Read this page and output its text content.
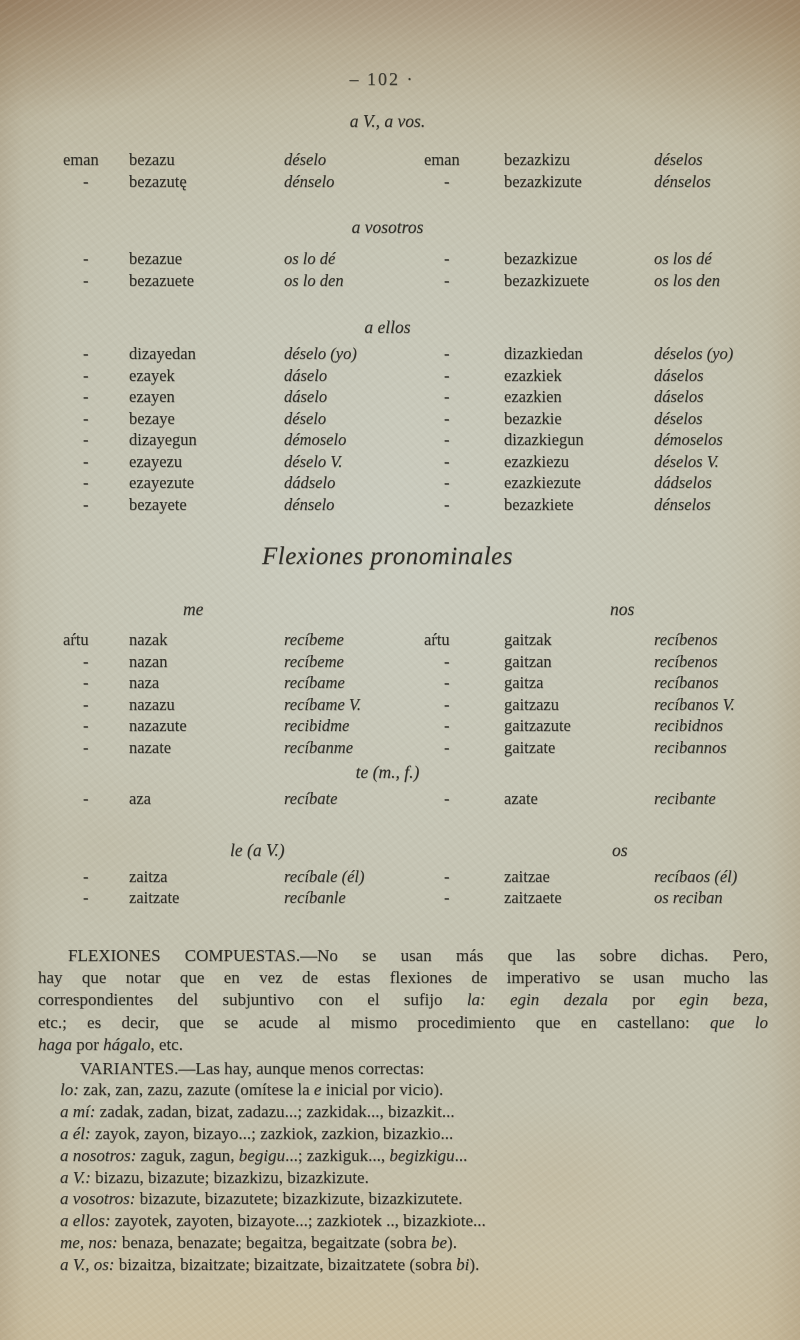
– 102 ·
a V., a vos.
eman	bezazu	déselo	eman	bezazkizu	déselos
-	bezazutę	dénselo	-	bezazkizute	dénselos
a vosotros
-	bezazue	os lo dé	-	bezazkizue	os los dé
-	bezazuete	os lo den	-	bezazkizuete	os los den
a ellos
-	dizayedan	déselo (yo)	-	dizazkiedan	déselos (yo)
-	ezayek	dáselo	-	ezazkiek	dáselos
-	ezayen	dáselo	-	ezazkien	dáselos
-	bezaye	déselo	-	bezazkie	déselos
-	dizayegun	démoselo	-	dizazkiegun	démoselos
-	ezayezu	déselo V.	-	ezazkiezu	déselos V.
-	ezayezute	dádselo	-	ezazkiezute	dádselos
-	bezayete	dénselo	-	bezazkiete	dénselos
Flexiones pronominales
me	nos
aŕtu	nazak	recíbeme	aŕtu	gaitzak	recíbenos
-	nazan	recíbeme	-	gaitzan	recíbenos
-	naza	recíbame	-	gaitza	recíbanos
-	nazazu	recíbame V.	-	gaitzazu	recíbanos V.
-	nazazute	recibidme	-	gaitzazute	recibidnos
-	nazate	recíbanme	-	gaitzate	recibannos
te (m., f.)
-	aza	recíbate	-	azate	recibante
le (a V.)	os
-	zaitza	recíbale (él)	-	zaitzae	recíbaos (él)
-	zaitzate	recíbanle	-	zaitzaete	os reciban
FLEXIONES COMPUESTAS.—No se usan más que las sobre dichas. Pero,
hay que notar que en vez de estas flexiones de imperativo se usan mucho las
correspondientes del subjuntivo con el sufijo la: egin dezala por egin beza,
etc.; es decir, que se acude al mismo procedimiento que en castellano: que lo
haga por hágalo, etc.
VARIANTES.—Las hay, aunque menos correctas:
lo: zak, zan, zazu, zazute (omítese la e inicial por vicio).
a mí: zadak, zadan, bizat, zadazu...; zazkidak..., bizazkit...
a él: zayok, zayon, bizayo...; zazkiok, zazkion, bizazkio...
a nosotros: zaguk, zagun, begigu...; zazkiguk..., begizkigu...
a V.: bizazu, bizazute; bizazkizu, bizazkizute.
a vosotros: bizazute, bizazutete; bizazkizute, bizazkizutete.
a ellos: zayotek, zayoten, bizayote...; zazkiotek .., bizazkiote...
me, nos: benaza, benazate; begaitza, begaitzate (sobra be).
a V., os: bizaitza, bizaitzate; bizaitzate, bizaitzatete (sobra bi).
